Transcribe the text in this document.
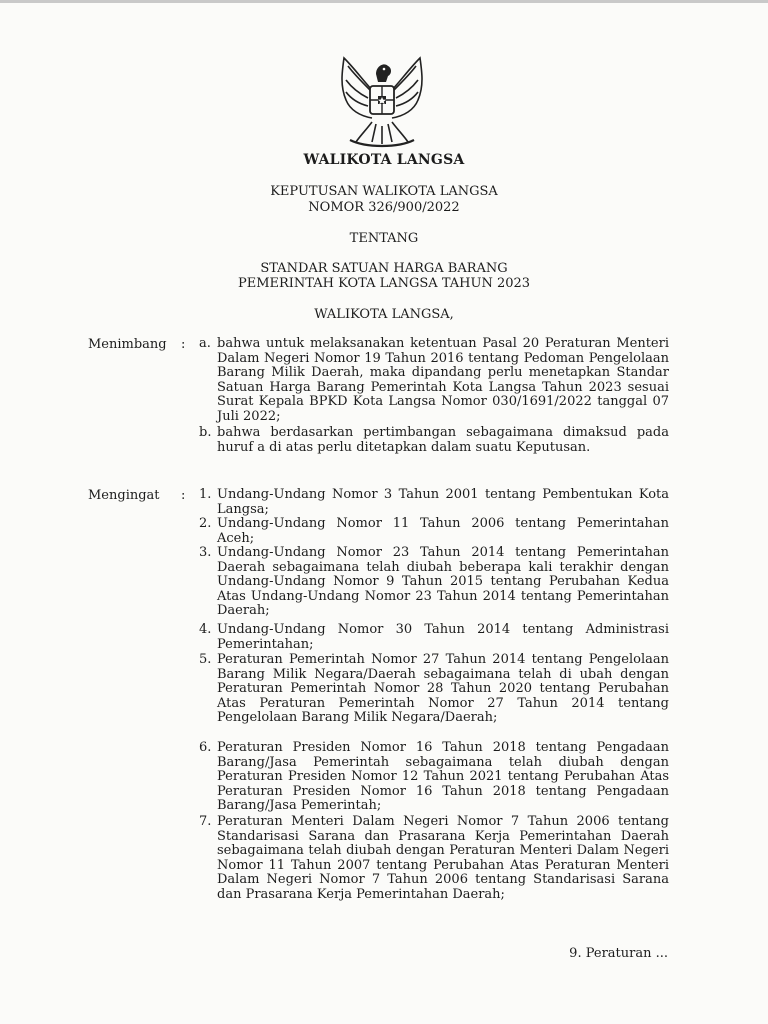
WALIKOTA LANGSA
KEPUTUSAN WALIKOTA LANGSA
NOMOR 326/900/2022
TENTANG
STANDAR SATUAN HARGA BARANG
PEMERINTAH KOTA LANGSA TAHUN 2023
WALIKOTA LANGSA,
Menimbang : a. bahwa untuk melaksanakan ketentuan Pasal 20 Peraturan Menteri Dalam Negeri Nomor 19 Tahun 2016 tentang Pedoman Pengelolaan Barang Milik Daerah, maka dipandang perlu menetapkan Standar Satuan Harga Barang Pemerintah Kota Langsa Tahun 2023 sesuai Surat Kepala BPKD Kota Langsa Nomor 030/1691/2022 tanggal 07 Juli 2022;
b. bahwa berdasarkan pertimbangan sebagaimana dimaksud pada huruf a di atas perlu ditetapkan dalam suatu Keputusan.
Mengingat : 1. Undang-Undang Nomor 3 Tahun 2001 tentang Pembentukan Kota Langsa;
2. Undang-Undang Nomor 11 Tahun 2006 tentang Pemerintahan Aceh;
3. Undang-Undang Nomor 23 Tahun 2014 tentang Pemerintahan Daerah sebagaimana telah diubah beberapa kali terakhir dengan Undang-Undang Nomor 9 Tahun 2015 tentang Perubahan Kedua Atas Undang-Undang Nomor 23 Tahun 2014 tentang Pemerintahan Daerah;
4. Undang-Undang Nomor 30 Tahun 2014 tentang Administrasi Pemerintahan;
5. Peraturan Pemerintah Nomor 27 Tahun 2014 tentang Pengelolaan Barang Milik Negara/Daerah sebagaimana telah di ubah dengan Peraturan Pemerintah Nomor 28 Tahun 2020 tentang Perubahan Atas Peraturan Pemerintah Nomor 27 Tahun 2014 tentang Pengelolaan Barang Milik Negara/Daerah;
6. Peraturan Presiden Nomor 16 Tahun 2018 tentang Pengadaan Barang/Jasa Pemerintah sebagaimana telah diubah dengan Peraturan Presiden Nomor 12 Tahun 2021 tentang Perubahan Atas Peraturan Presiden Nomor 16 Tahun 2018 tentang Pengadaan Barang/Jasa Pemerintah;
7. Peraturan Menteri Dalam Negeri Nomor 7 Tahun 2006 tentang Standarisasi Sarana dan Prasarana Kerja Pemerintahan Daerah sebagaimana telah diubah dengan Peraturan Menteri Dalam Negeri Nomor 11 Tahun 2007 tentang Perubahan Atas Peraturan Menteri Dalam Negeri Nomor 7 Tahun 2006 tentang Standarisasi Sarana dan Prasarana Kerja Pemerintahan Daerah;
9. Peraturan ...
